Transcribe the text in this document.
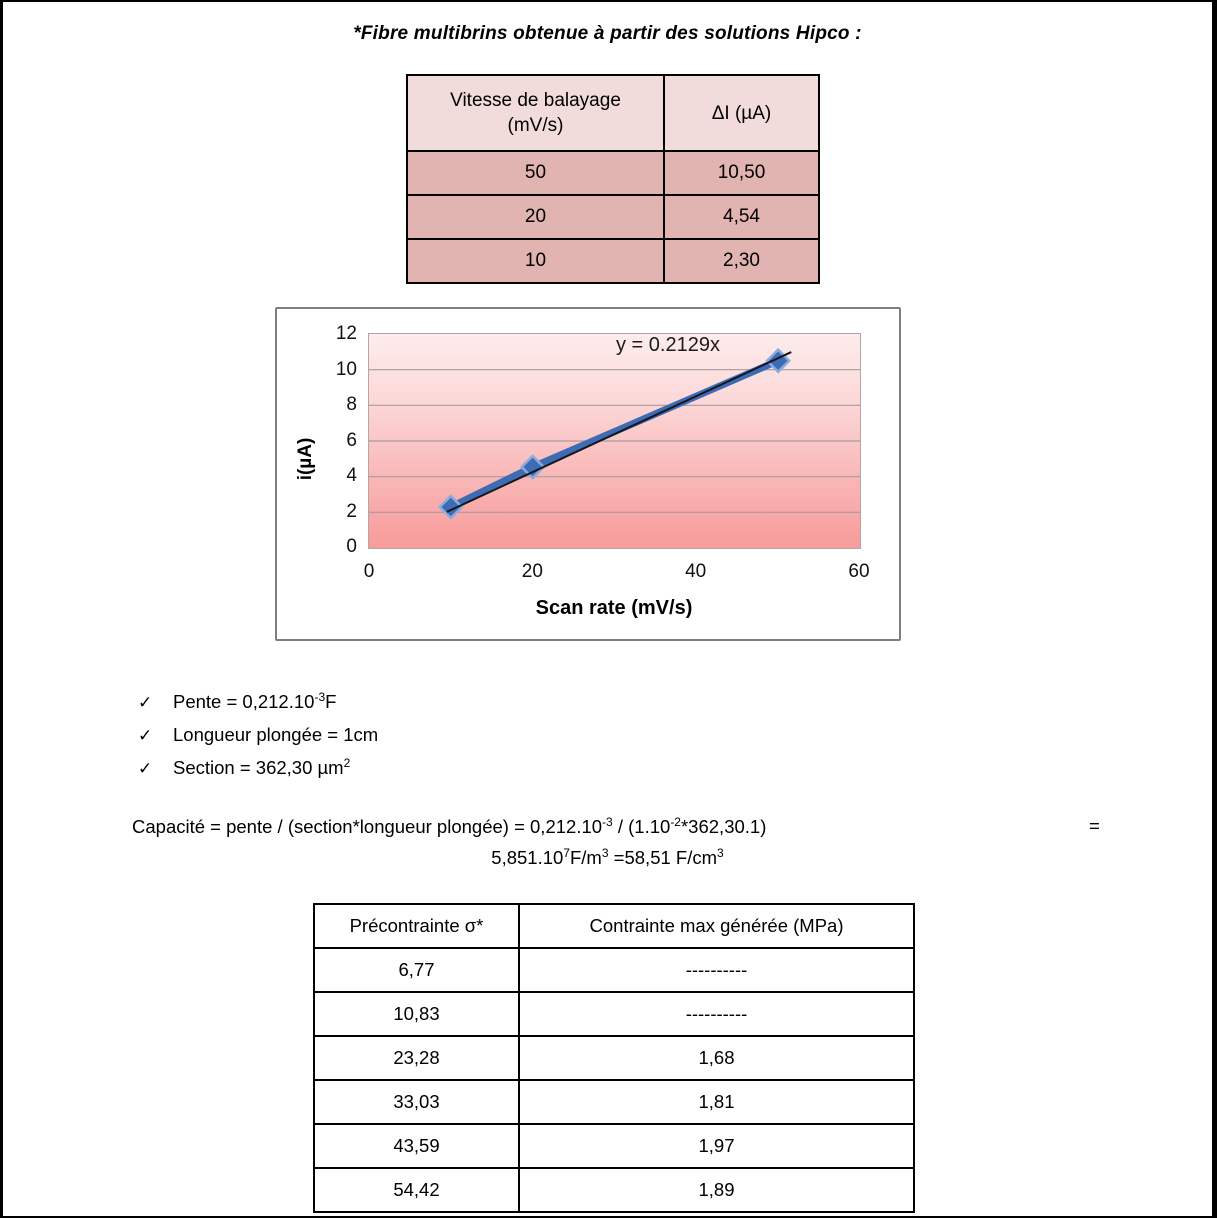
*Fibre multibrins obtenue à partir des solutions Hipco :
Vitesse de balayage (mV/s)	ΔI (µA)
50	10,50
20	4,54
10	2,30
y = 0.2129x
i(µA)
Scan rate (mV/s)
0
2
4
6
8
10
12
0	20	40	60
✓ Pente = $0,212.10^{-3}F$
✓ Longueur plongée = 1cm
✓ Section = 362,30 µm$^2$
Capacité = pente / (section*longueur plongée) = $0,212.10^{-3} / (1.10^{-2}*362,30.1)$	=
$5,851.10^7F/m^3 =58,51$ $F/cm^3$
Précontrainte σ*	Contrainte max générée (MPa)
6,77	----------
10,83	----------
23,28	1,68
33,03	1,81
43,59	1,97
54,42	1,89
